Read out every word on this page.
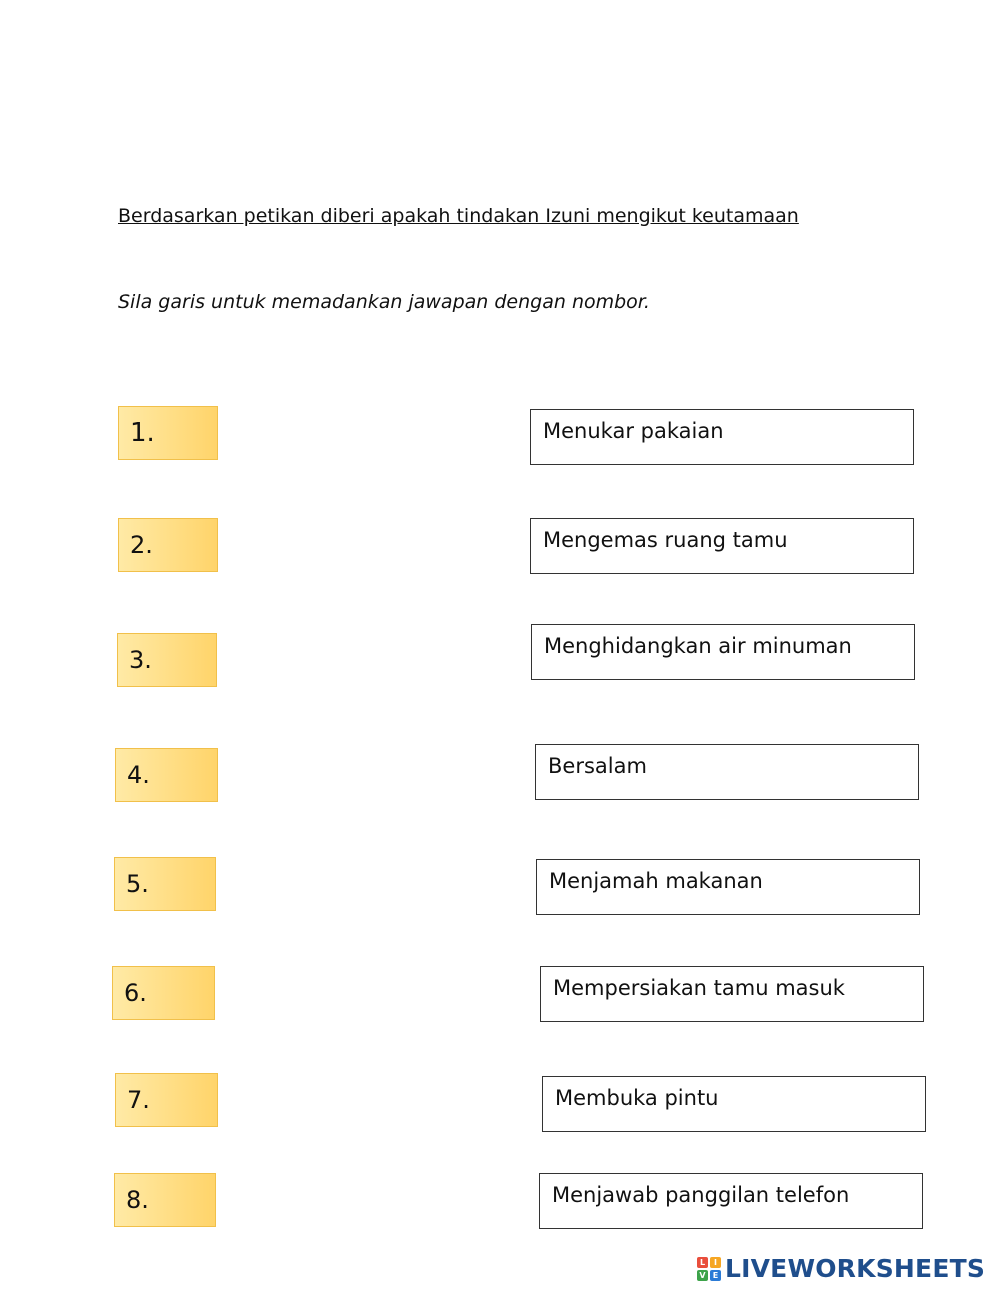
Berdasarkan petikan diberi apakah tindakan Izuni mengikut keutamaan
Sila garis untuk memadankan jawapan dengan nombor.
1.
2.
3.
4.
5.
6.
7.
8.
Menukar pakaian
Mengemas ruang tamu
Menghidangkan air minuman
Bersalam
Menjamah makanan
Mempersiakan tamu masuk
Membuka pintu
Menjawab panggilan telefon
L	I
V E LIVEWORKSHEETS
